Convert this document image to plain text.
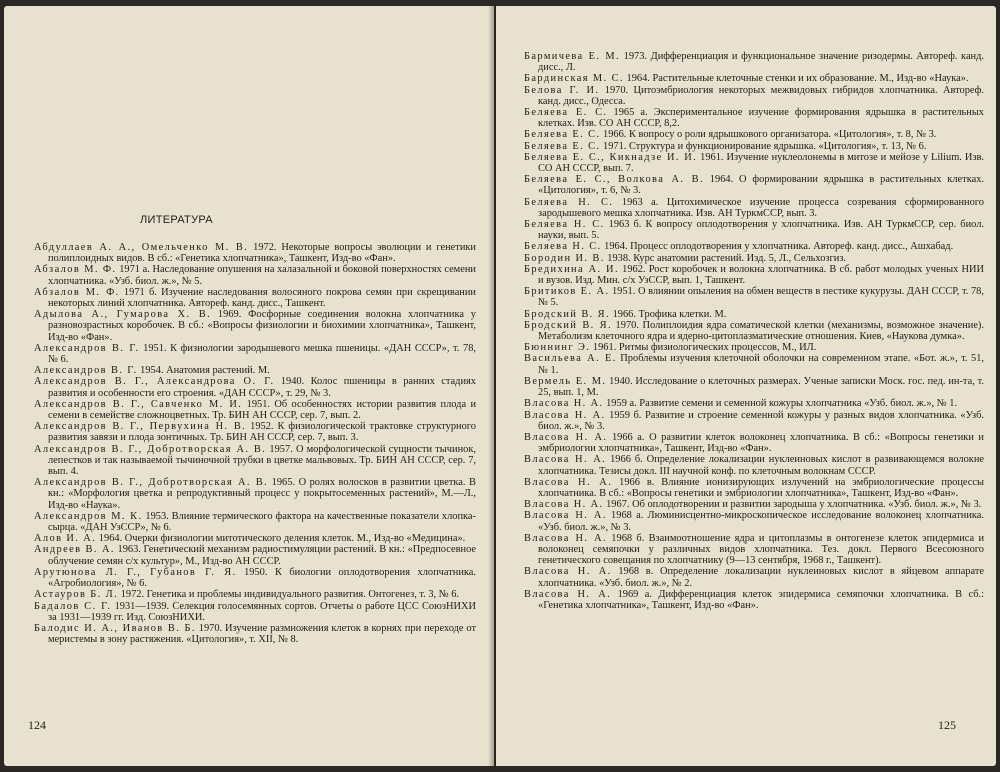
ЛИТЕРАТУРА
Абдуллаев А. А., Омельченко М. В. 1972. Некоторые вопросы эволюции и генетики полиплоидных видов. В сб.: «Генетика хлопчатника», Ташкент, Изд-во «Фан».
Абзалов М. Ф. 1971 а. Наследование опушения на халазальной и боковой поверхностях семени хлопчатника. «Узб. биол. ж.», № 5.
Абзалов М. Ф. 1971 б. Изучение наследования волосяного покрова семян при скрещивании некоторых линий хлопчатника. Автореф. канд. дисс., Ташкент.
Адылова А., Гумарова Х. В. 1969. Фосфорные соединения волокна хлопчатника у разновозрастных коробочек. В сб.: «Вопросы физиологии и биохимии хлопчатника», Ташкент, Изд-во «Фан».
Александров В. Г. 1951. К физиологии зародышевого мешка пшеницы. «ДАН СССР», т. 78, № 6.
Александров В. Г. 1954. Анатомия растений. М.
Александров В. Г., Александрова О. Г. 1940. Колос пшеницы в ранних стадиях развития и особенности его строения. «ДАН СССР», т. 29, № 3.
Александров В. Г., Савченко М. И. 1951. Об особенностях истории развития плода и семени в семействе сложноцветных. Тр. БИН АН СССР, сер. 7, вып. 2.
Александров В. Г., Первухина Н. В. 1952. К физиологической трактовке структурного развития завязи и плода зонтичных. Тр. БИН АН СССР, сер. 7, вып. 3.
Александров В. Г., Добротворская А. В. 1957. О морфологической сущности тычинок, лепестков и так называемой тычиночной трубки в цветке мальвовых. Тр. БИН АН СССР, сер. 7, вып. 4.
Александров В. Г., Добротворская А. В. 1965. О ролях волосков в развитии цветка. В кн.: «Морфология цветка и репродуктивный процесс у покрытосеменных растений», М.—Л., Изд-во «Наука».
Александров М. К. 1953. Влияние термического фактора на качественные показатели хлопка-сырца. «ДАН УзССР», № 6.
Алов И. А. 1964. Очерки физиологии митотического деления клеток. М., Изд-во «Медицина».
Андреев В. А. 1963. Генетический механизм радиостимуляции растений. В кн.: «Предпосевное облучение семян с/х культур», М., Изд-во АН СССР.
Арутюнова Л. Г., Губанов Г. Я. 1950. К биологии оплодотворения хлопчатника. «Агробиология», № 6.
Астауров Б. Л. 1972. Генетика и проблемы индивидуального развития. Онтогенез, т. 3, № 6.
Бадалов С. Г. 1931—1939. Селекция голосемянных сортов. Отчеты о работе ЦСС СоюзНИХИ за 1931—1939 гг. Изд. СоюзНИХИ.
Балодис И. А., Иванов В. Б. 1970. Изучение размножения клеток в корнях при переходе от меристемы в зону растяжения. «Цитология», т. XII, № 8.
124
Бармичева Е. М. 1973. Дифференциация и функциональное значение ризодермы. Автореф. канд. дисс., Л.
Бардинская М. С. 1964. Растительные клеточные стенки и их образование. М., Изд-во «Наука».
Белова Г. И. 1970. Цитоэмбриология некоторых межвидовых гибридов хлопчатника. Автореф. канд. дисс., Одесса.
Беляева Е. С. 1965 а. Экспериментальное изучение формирования ядрышка в растительных клетках. Изв. СО АН СССР, 8,2.
Беляева Е. С. 1966. К вопросу о роли ядрышкового организатора. «Цитология», т. 8, № 3.
Беляева Е. С. 1971. Структура и функционирование ядрышка. «Цитология», т. 13, № 6.
Беляева Е. С., Кикнадзе И. И. 1961. Изучение нуклеолонемы в митозе и мейозе у Lilium. Изв. СО АН СССР, вып. 7.
Беляева Е. С., Волкова А. В. 1964. О формировании ядрышка в растительных клетках. «Цитология», т. 6, № 3.
Беляева Н. С. 1963 а. Цитохимическое изучение процесса созревания сформированного зародышевого мешка хлопчатника. Изв. АН ТуркмССР, вып. 3.
Беляева Н. С. 1963 б. К вопросу оплодотворения у хлопчатника. Изв. АН ТуркмССР, сер. биол. науки, вып. 5.
Беляева Н. С. 1964. Процесс оплодотворения у хлопчатника. Автореф. канд. дисс., Ашхабад.
Бородин И. В. 1938. Курс анатомии растений. Изд. 5, Л., Сельхозгиз.
Бредихина А. И. 1962. Рост коробочек и волокна хлопчатника. В сб. работ молодых ученых НИИ и вузов. Изд. Мин. с/х УзССР, вып. 1, Ташкент.
Бритиков Е. А. 1951. О влиянии опыления на обмен веществ в пестике кукурузы. ДАН СССР, т. 78, № 5.
Бродский В. Я. 1966. Трофика клетки. М.
Бродский В. Я. 1970. Полиплоидия ядра соматической клетки (механизмы, возможное значение). Метаболизм клеточного ядра и ядерно-цитоплазматические отношения. Киев, «Наукова думка».
Бюннинг Э. 1961. Ритмы физиологических процессов, М., ИЛ.
Васильева А. Е. Проблемы изучения клеточной оболочки на современном этапе. «Бот. ж.», т. 51, № 1.
Вермель Е. М. 1940. Исследование о клеточных размерах. Ученые записки Моск. гос. пед. ин-та, т. 25, вып. 1, М.
Власова Н. А. 1959 а. Развитие семени и семенной кожуры хлопчатника «Узб. биол. ж.», № 1.
Власова Н. А. 1959 б. Развитие и строение семенной кожуры у разных видов хлопчатника. «Узб. биол. ж.», № 3.
Власова Н. А. 1966 а. О развитии клеток волоконец хлопчатника. В сб.: «Вопросы генетики и эмбриологии хлопчатника», Ташкент, Изд-во «Фан».
Власова Н. А. 1966 б. Определение локализации нуклеиновых кислот в развивающемся волокне хлопчатника. Тезисы докл. III научной конф. по клеточным волокнам СССР.
Власова Н. А. 1966 в. Влияние ионизирующих излучений на эмбриологические процессы хлопчатника. В сб.: «Вопросы генетики и эмбриологии хлопчатника», Ташкент, Изд-во «Фан».
Власова Н. А. 1967. Об оплодотворении и развитии зародыша у хлопчатника. «Узб. биол. ж.», № 3.
Власова Н. А. 1968 а. Люминисцентно-микроскопическое исследование волоконец хлопчатника. «Узб. биол. ж.», № 3.
Власова Н. А. 1968 б. Взаимоотношение ядра и цитоплазмы в онтогенезе клеток эпидермиса и волоконец семяпочки у различных видов хлопчатника. Тез. докл. Первого Всесоюзного генетического совещания по хлопчатнику (9—13 сентября, 1968 г., Ташкент).
Власова Н. А. 1968 в. Определение локализации нуклеиновых кислот в яйцевом аппарате хлопчатника. «Узб. биол. ж.», № 2.
Власова Н. А. 1969 а. Дифференциация клеток эпидермиса семяпочки хлопчатника. В сб.: «Генетика хлопчатника», Ташкент, Изд-во «Фан».
125
